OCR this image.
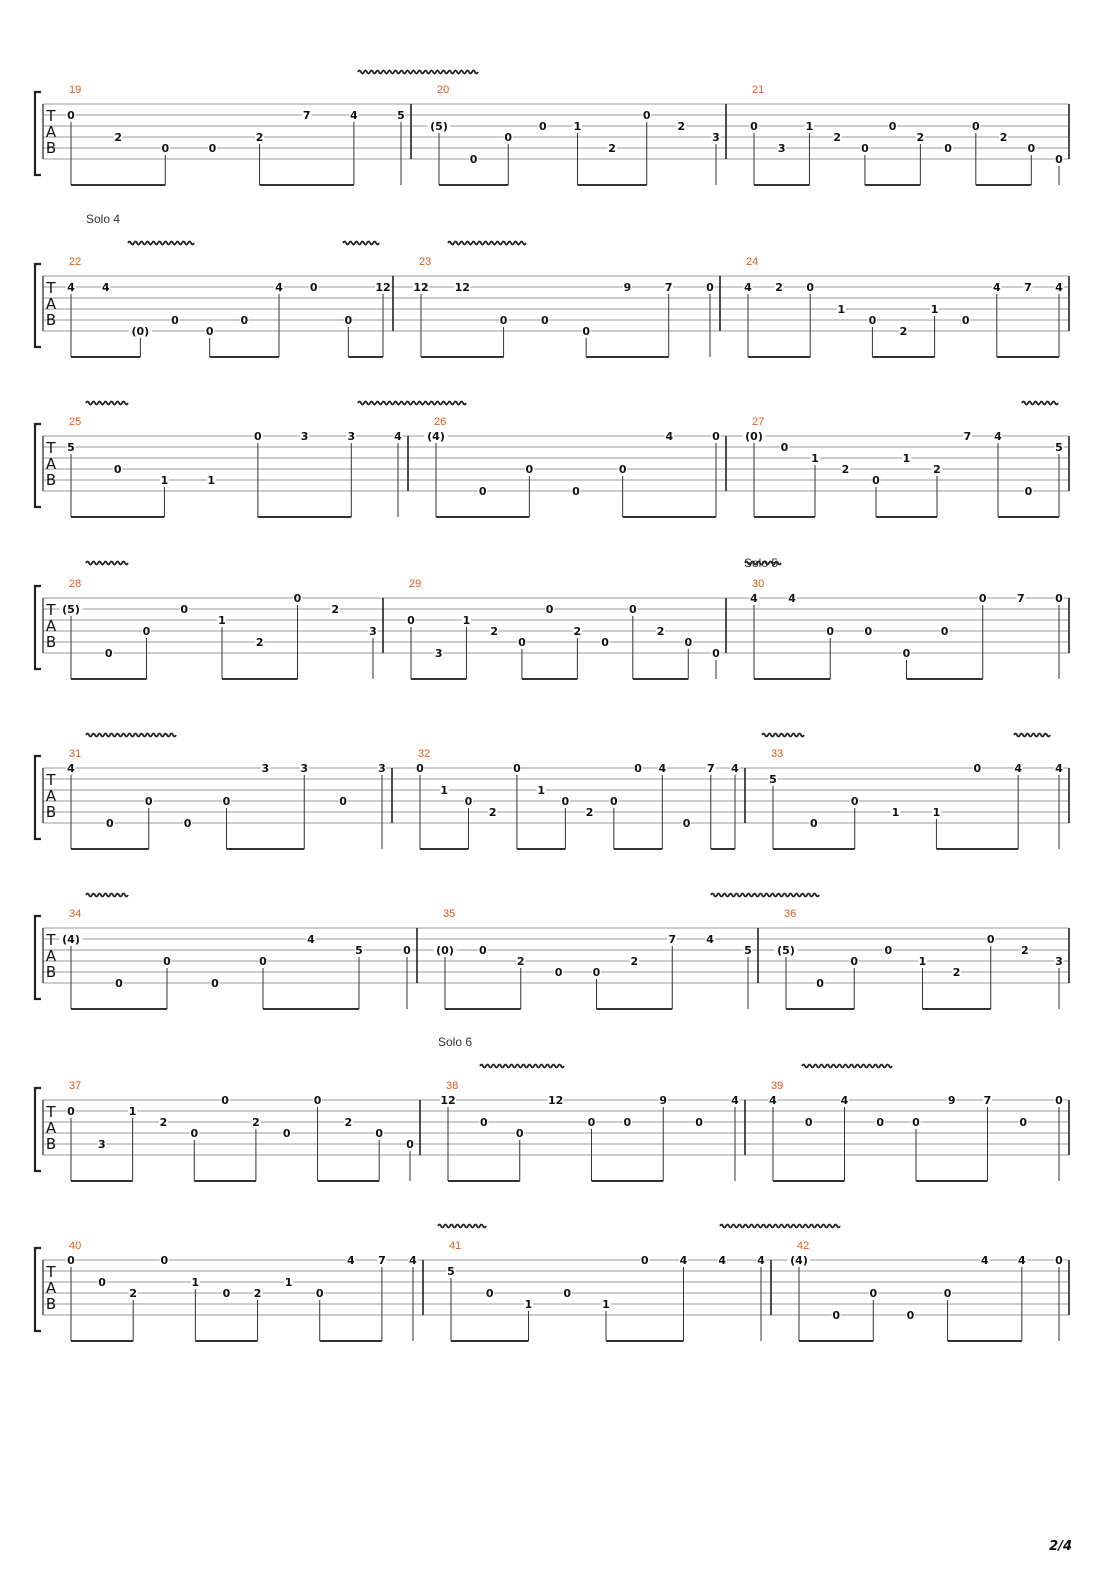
T
A
B
19
0
2
0	0
2
7	4	5
20
(5)
0
0
0 1
2
0
2
3
21
0
3
1
2
0
0
2
0
0
2
0
0
T
A
B
Solo 4
22
4 4
(0)
0
0
0
4 0
0
12
23
12 12
0	0
0
9	7	0
24
4 2 0
1
0
2
1
0
4 7 4
T
A
B
25
5
0
1	1
0	3	3	4
26
(4)
0
0
0
0
4	0
27
(0)
0
1
2
0
1
2
7 4
0
5
T
A
B
Solo 5
28
(5)
0
0
0
1
2
0
2
3
29
0
3
1
2
0
0
2
0
0
2
0
0
30
4	4
0	0
0
0
0	7	0
T
A
B
31
4
0
0
0
0
3	3
0
3
32
0
1
0
2
0
1
0
2
0
0 4
0
7 4
33
5
0
0
1	1
0	4	4
T
A
B
34
(4)
0
0
0
0
4
5	0
35
(0) 0
2
0	0
2
7	4
5
36
(5)
0
0
0
1
2
0
2
3
T
A
B
Solo 6
37
0
3
1
2
0
0
2
0
0
2
0
0
38
12
0
0
12
0	0
9
0
4
39
4
0
4
0	0
9	7
0
0
T
A
B
40
0
0
2
0
1
0 2
1
0
4 7 4
41
5
0
1
0
1
0	4	4	4
42
(4)
0
0
0
0
4	4	0
2/4
